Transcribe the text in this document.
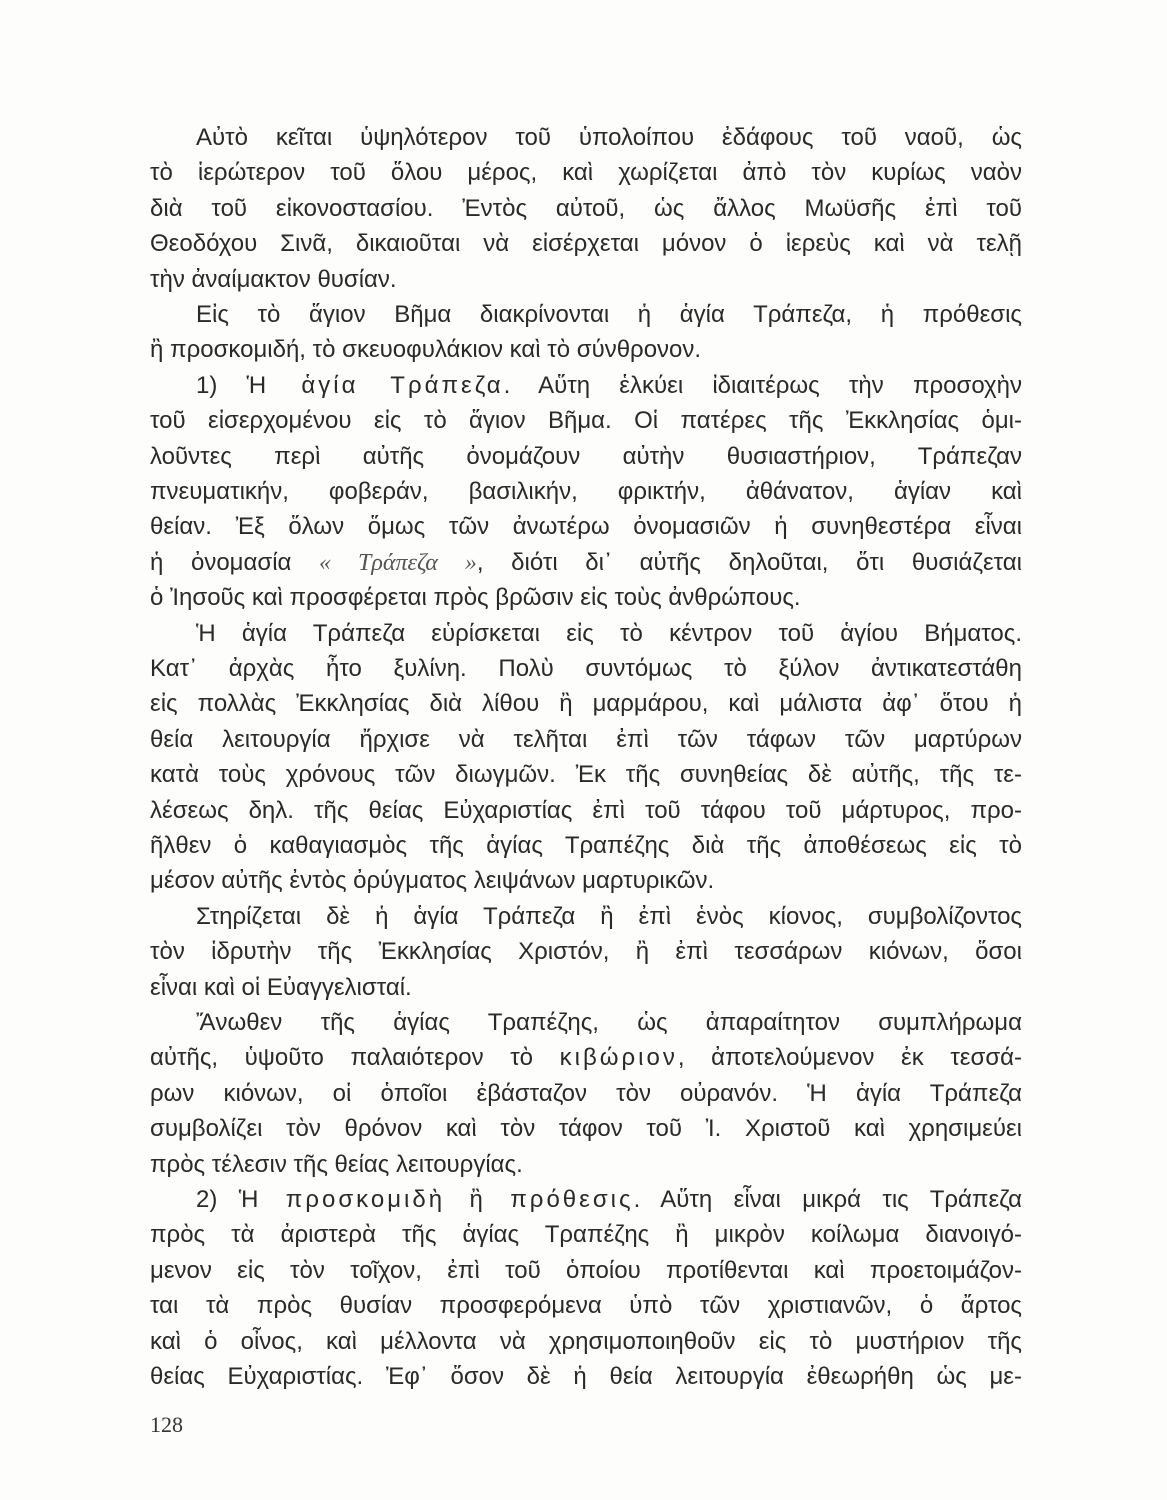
Αὐτὸ κεῖται ὑψηλότερον τοῦ ὑπολοίπου ἐδάφους τοῦ ναοῦ, ὡς
τὸ ἱερώτερον τοῦ ὅλου μέρος, καὶ χωρίζεται ἀπὸ τὸν κυρίως ναὸν
διὰ τοῦ εἰκονοστασίου. Ἐντὸς αὐτοῦ, ὡς ἄλλος Μωϋσῆς ἐπὶ τοῦ
Θεοδόχου Σινᾶ, δικαιοῦται νὰ εἰσέρχεται μόνον ὁ ἱερεὺς καὶ νὰ τελῇ
τὴν ἀναίμακτον θυσίαν.
Εἰς τὸ ἅγιον Βῆμα διακρίνονται ἡ ἁγία Τράπεζα, ἡ πρόθεσις
ἢ προσκομιδή, τὸ σκευοφυλάκιον καὶ τὸ σύνθρονον.
1) Ἡ ἁγία Τράπεζα. Αὕτη ἑλκύει ἰδιαιτέρως τὴν προσοχὴν
τοῦ εἰσερχομένου εἰς τὸ ἅγιον Βῆμα. Οἱ πατέρες τῆς Ἐκκλησίας ὁμι-
λοῦντες περὶ αὐτῆς ὀνομάζουν αὐτὴν θυσιαστήριον, Τράπεζαν
πνευματικήν, φοβεράν, βασιλικήν, φρικτήν, ἀθάνατον, ἁγίαν καὶ
θείαν. Ἐξ ὅλων ὅμως τῶν ἀνωτέρω ὀνομασιῶν ἡ συνηθεστέρα εἶναι
ἡ ὀνομασία « Τράπεζα », διότι δι᾽ αὐτῆς δηλοῦται, ὅτι θυσιάζεται
ὁ Ἰησοῦς καὶ προσφέρεται πρὸς βρῶσιν εἰς τοὺς ἀνθρώπους.
Ἡ ἁγία Τράπεζα εὑρίσκεται εἰς τὸ κέντρον τοῦ ἁγίου Βήματος.
Κατ᾽ ἀρχὰς ἦτο ξυλίνη. Πολὺ συντόμως τὸ ξύλον ἀντικατεστάθη
εἰς πολλὰς Ἐκκλησίας διὰ λίθου ἢ μαρμάρου, καὶ μάλιστα ἀφ᾽ ὅτου ἡ
θεία λειτουργία ἤρχισε νὰ τελῆται ἐπὶ τῶν τάφων τῶν μαρτύρων
κατὰ τοὺς χρόνους τῶν διωγμῶν. Ἐκ τῆς συνηθείας δὲ αὐτῆς, τῆς τε-
λέσεως δηλ. τῆς θείας Εὐχαριστίας ἐπὶ τοῦ τάφου τοῦ μάρτυρος, προ-
ῆλθεν ὁ καθαγιασμὸς τῆς ἁγίας Τραπέζης διὰ τῆς ἀποθέσεως εἰς τὸ
μέσον αὐτῆς ἐντὸς ὀρύγματος λειψάνων μαρτυρικῶν.
Στηρίζεται δὲ ἡ ἁγία Τράπεζα ἢ ἐπὶ ἑνὸς κίονος, συμβολίζοντος
τὸν ἱδρυτὴν τῆς Ἐκκλησίας Χριστόν, ἢ ἐπὶ τεσσάρων κιόνων, ὅσοι
εἶναι καὶ οἱ Εὐαγγελισταί.
Ἄνωθεν τῆς ἁγίας Τραπέζης, ὡς ἀπαραίτητον συμπλήρωμα
αὐτῆς, ὑψοῦτο παλαιότερον τὸ κιβώριον, ἀποτελούμενον ἐκ τεσσά-
ρων κιόνων, οἱ ὁποῖοι ἐβάσταζον τὸν οὐρανόν. Ἡ ἁγία Τράπεζα
συμβολίζει τὸν θρόνον καὶ τὸν τάφον τοῦ Ἰ. Χριστοῦ καὶ χρησιμεύει
πρὸς τέλεσιν τῆς θείας λειτουργίας.
2) Ἡ προσκομιδὴ ἢ πρόθεσις. Αὕτη εἶναι μικρά τις Τράπεζα
πρὸς τὰ ἀριστερὰ τῆς ἁγίας Τραπέζης ἢ μικρὸν κοίλωμα διανοιγό-
μενον εἰς τὸν τοῖχον, ἐπὶ τοῦ ὁποίου προτίθενται καὶ προετοιμάζον-
ται τὰ πρὸς θυσίαν προσφερόμενα ὑπὸ τῶν χριστιανῶν, ὁ ἄρτος
καὶ ὁ οἶνος, καὶ μέλλοντα νὰ χρησιμοποιηθοῦν εἰς τὸ μυστήριον τῆς
θείας Εὐχαριστίας. Ἐφ᾽ ὅσον δὲ ἡ θεία λειτουργία ἐθεωρήθη ὡς με-
128
